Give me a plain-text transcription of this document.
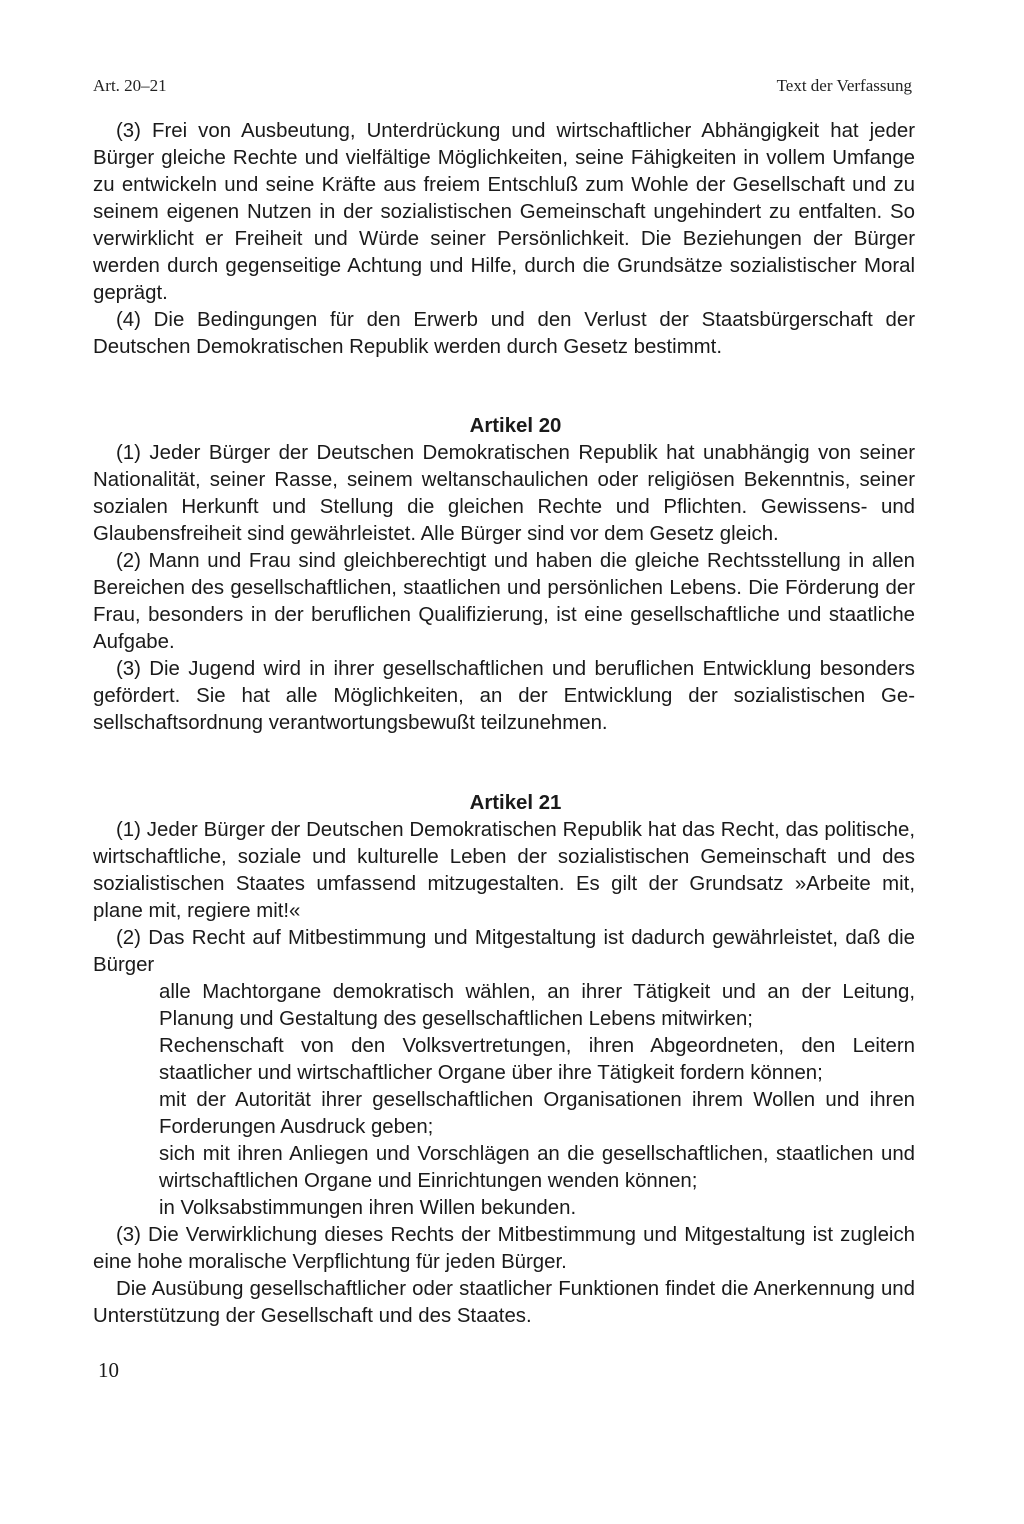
Art. 20–21	Text der Verfassung

(3) Frei von Ausbeutung, Unterdrückung und wirtschaftlicher Abhängigkeit hat jeder Bürger gleiche Rechte und vielfältige Möglichkeiten, seine Fähigkeiten in vollem Umfange zu entwickeln und seine Kräfte aus freiem Entschluß zum Wohle der Gesellschaft und zu seinem eigenen Nutzen in der sozialistischen Gemeinschaft ungehindert zu entfalten. So verwirklicht er Freiheit und Würde seiner Persönlichkeit. Die Beziehungen der Bürger werden durch gegenseitige Achtung und Hilfe, durch die Grundsätze sozialistischer Moral geprägt.

(4) Die Bedingungen für den Erwerb und den Verlust der Staatsbürgerschaft der Deutschen Demokratischen Republik werden durch Gesetz bestimmt.

Artikel 20

(1) Jeder Bürger der Deutschen Demokratischen Republik hat unabhängig von seiner Nationalität, seiner Rasse, seinem weltanschaulichen oder religiösen Bekenntnis, seiner sozialen Herkunft und Stellung die gleichen Rechte und Pflichten. Gewissens- und Glaubensfreiheit sind gewährleistet. Alle Bürger sind vor dem Gesetz gleich.

(2) Mann und Frau sind gleichberechtigt und haben die gleiche Rechtsstellung in allen Bereichen des gesellschaftlichen, staatlichen und persönlichen Lebens. Die Förderung der Frau, besonders in der beruflichen Qualifizierung, ist eine gesellschaftliche und staatliche Aufgabe.

(3) Die Jugend wird in ihrer gesellschaftlichen und beruflichen Entwicklung besonders gefördert. Sie hat alle Möglichkeiten, an der Entwicklung der sozialistischen Gesellschaftsordnung verantwortungsbewußt teilzunehmen.

Artikel 21

(1) Jeder Bürger der Deutschen Demokratischen Republik hat das Recht, das politische, wirtschaftliche, soziale und kulturelle Leben der sozialistischen Gemeinschaft und des sozialistischen Staates umfassend mitzugestalten. Es gilt der Grundsatz »Arbeite mit, plane mit, regiere mit!«

(2) Das Recht auf Mitbestimmung und Mitgestaltung ist dadurch gewährleistet, daß die Bürger

alle Machtorgane demokratisch wählen, an ihrer Tätigkeit und an der Leitung, Planung und Gestaltung des gesellschaftlichen Lebens mitwirken;

Rechenschaft von den Volksvertretungen, ihren Abgeordneten, den Leitern staatlicher und wirtschaftlicher Organe über ihre Tätigkeit fordern können;

mit der Autorität ihrer gesellschaftlichen Organisationen ihrem Wollen und ihren Forderungen Ausdruck geben;

sich mit ihren Anliegen und Vorschlägen an die gesellschaftlichen, staatlichen und wirtschaftlichen Organe und Einrichtungen wenden können;

in Volksabstimmungen ihren Willen bekunden.

(3) Die Verwirklichung dieses Rechts der Mitbestimmung und Mitgestaltung ist zugleich eine hohe moralische Verpflichtung für jeden Bürger.

Die Ausübung gesellschaftlicher oder staatlicher Funktionen findet die Anerkennung und Unterstützung der Gesellschaft und des Staates.

10
